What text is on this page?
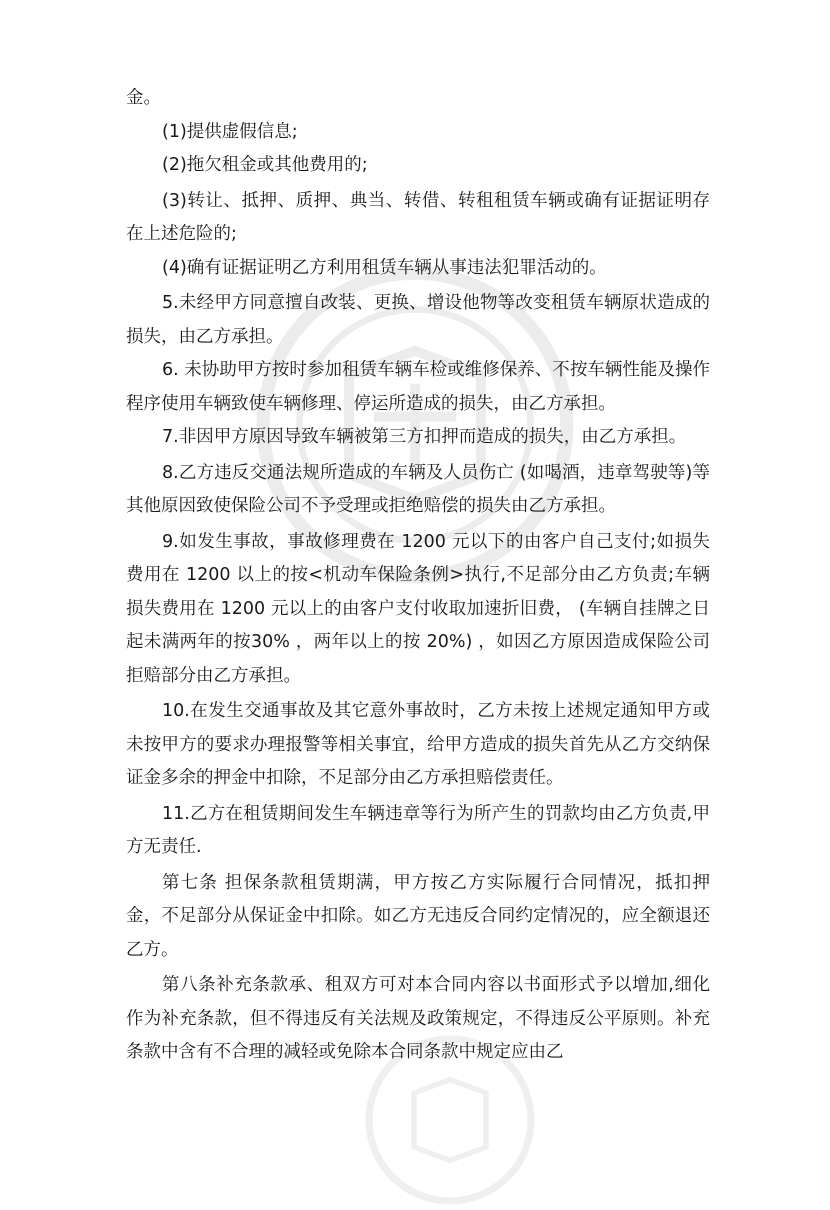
金。

(1)提供虚假信息;

(2)拖欠租金或其他费用的;

(3)转让、抵押、质押、典当、转借、转租租赁车辆或确有证据证明存在上述危险的;

(4)确有证据证明乙方利用租赁车辆从事违法犯罪活动的。

5.未经甲方同意擅自改装、更换、增设他物等改变租赁车辆原状造成的损失，由乙方承担。

6. 未协助甲方按时参加租赁车辆车检或维修保养、不按车辆性能及操作程序使用车辆致使车辆修理、停运所造成的损失，由乙方承担。

7.非因甲方原因导致车辆被第三方扣押而造成的损失，由乙方承担。

8.乙方违反交通法规所造成的车辆及人员伤亡 (如喝酒，违章驾驶等)等其他原因致使保险公司不予受理或拒绝赔偿的损失由乙方承担。

9.如发生事故，事故修理费在 1200 元以下的由客户自己支付;如损失费用在 1200 以上的按<机动车保险条例>执行,不足部分由乙方负责;车辆损失费用在 1200 元以上的由客户支付收取加速折旧费， (车辆自挂牌之日起未满两年的按30% ，两年以上的按 20%) ，如因乙方原因造成保险公司拒赔部分由乙方承担。

10.在发生交通事故及其它意外事故时，乙方未按上述规定通知甲方或未按甲方的要求办理报警等相关事宜，给甲方造成的损失首先从乙方交纳保证金多余的押金中扣除，不足部分由乙方承担赔偿责任。

11.乙方在租赁期间发生车辆违章等行为所产生的罚款均由乙方负责,甲方无责任.

第七条 担保条款租赁期满，甲方按乙方实际履行合同情况，抵扣押金，不足部分从保证金中扣除。如乙方无违反合同约定情况的，应全额退还乙方。

第八条补充条款承、租双方可对本合同内容以书面形式予以增加,细化作为补充条款，但不得违反有关法规及政策规定，不得违反公平原则。补充条款中含有不合理的减轻或免除本合同条款中规定应由乙
